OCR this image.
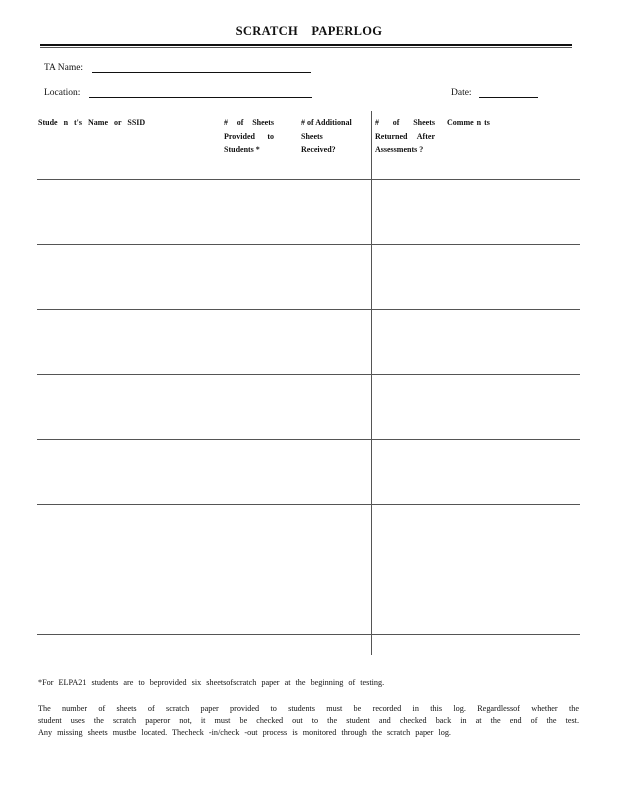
SCRATCH PAPERLOG
TA Name:
Location:	Date:
Stude n t's Name or SSID	# of Sheets Provided to Students *
# of Additional Sheets Received?
# of Sheets Returned After Assessments ?
Comme n ts
*For ELPA21 students are to beprovided six sheetsofscratch paper at the beginning of testing.
The number of sheets of scratch paper provided to students must be recorded in this log. Regardlessof whether the
student uses the scratch paperor not, it must be checked out to the student and checked back in at the end of the test.
Any missing sheets mustbe located. Thecheck -in/check -out process is monitored through the scratch paper log.
